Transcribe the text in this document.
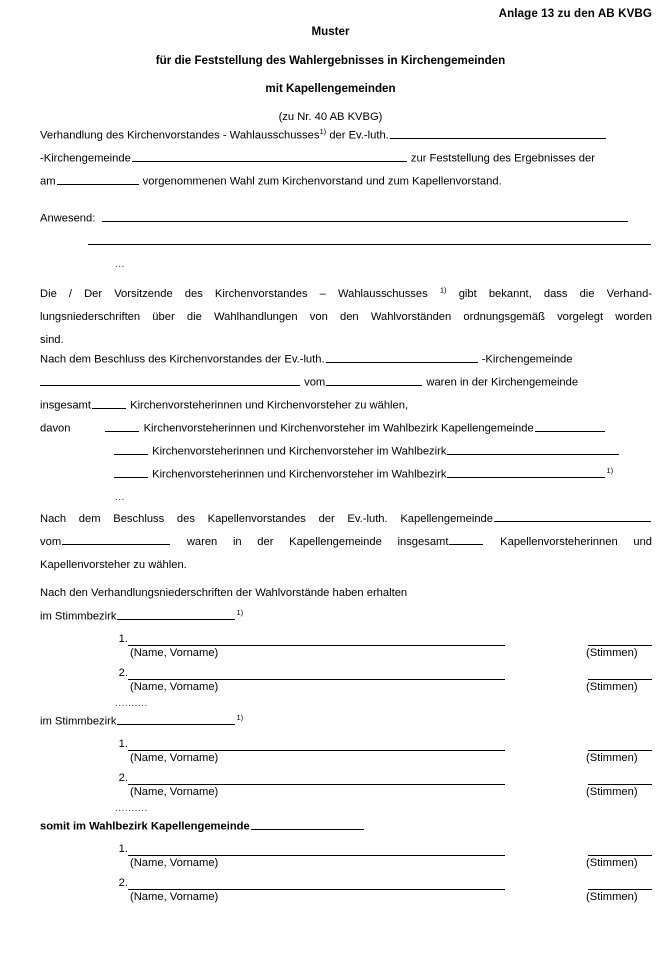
Anlage 13 zu den AB KVBG
Muster
für die Feststellung des Wahlergebnisses in Kirchengemeinden
mit Kapellengemeinden
(zu Nr. 40 AB KVBG)
Verhandlung des Kirchenvorstandes - Wahlausschusses$^{1)}$ der Ev.-luth.
-Kirchengemeinde	zur Feststellung des Ergebnisses der
am	vorgenommenen Wahl zum Kirchenvorstand und zum Kapellenvorstand.
Anwesend:
...
Die / Der Vorsitzende des Kirchenvorstandes – Wahlausschusses $^{1)}$ gibt bekannt, dass die Verhand-
lungsniederschriften über die Wahlhandlungen von den Wahlvorständen ordnungsgemäß vorgelegt worden
sind.
Nach dem Beschluss des Kirchenvorstandes der Ev.-luth.	-Kirchengemeinde
vom	waren in der Kirchengemeinde
insgesamt	Kirchenvorsteherinnen und Kirchenvorsteher zu wählen,
davon	Kirchenvorsteherinnen und Kirchenvorsteher im Wahlbezirk Kapellengemeinde
Kirchenvorsteherinnen und Kirchenvorsteher im Wahlbezirk
Kirchenvorsteherinnen und Kirchenvorsteher im Wahlbezirk	$^{1)}$
...
Nach dem Beschluss des Kapellenvorstandes der Ev.-luth. Kapellengemeinde
vom	waren in der Kapellengemeinde insgesamt	Kapellenvorsteherinnen und
Kapellenvorsteher zu wählen.
Nach den Verhandlungsniederschriften der Wahlvorstände haben erhalten
im Stimmbezirk	$^{1)}$
1.
(Name, Vorname)	(Stimmen)
2.
(Name, Vorname)	(Stimmen)
..........
im Stimmbezirk	$^{1)}$
1.
(Name, Vorname)	(Stimmen)
2.
(Name, Vorname)	(Stimmen)
..........
somit im Wahlbezirk Kapellengemeinde
1.
(Name, Vorname)	(Stimmen)
2.
(Name, Vorname)	(Stimmen)
